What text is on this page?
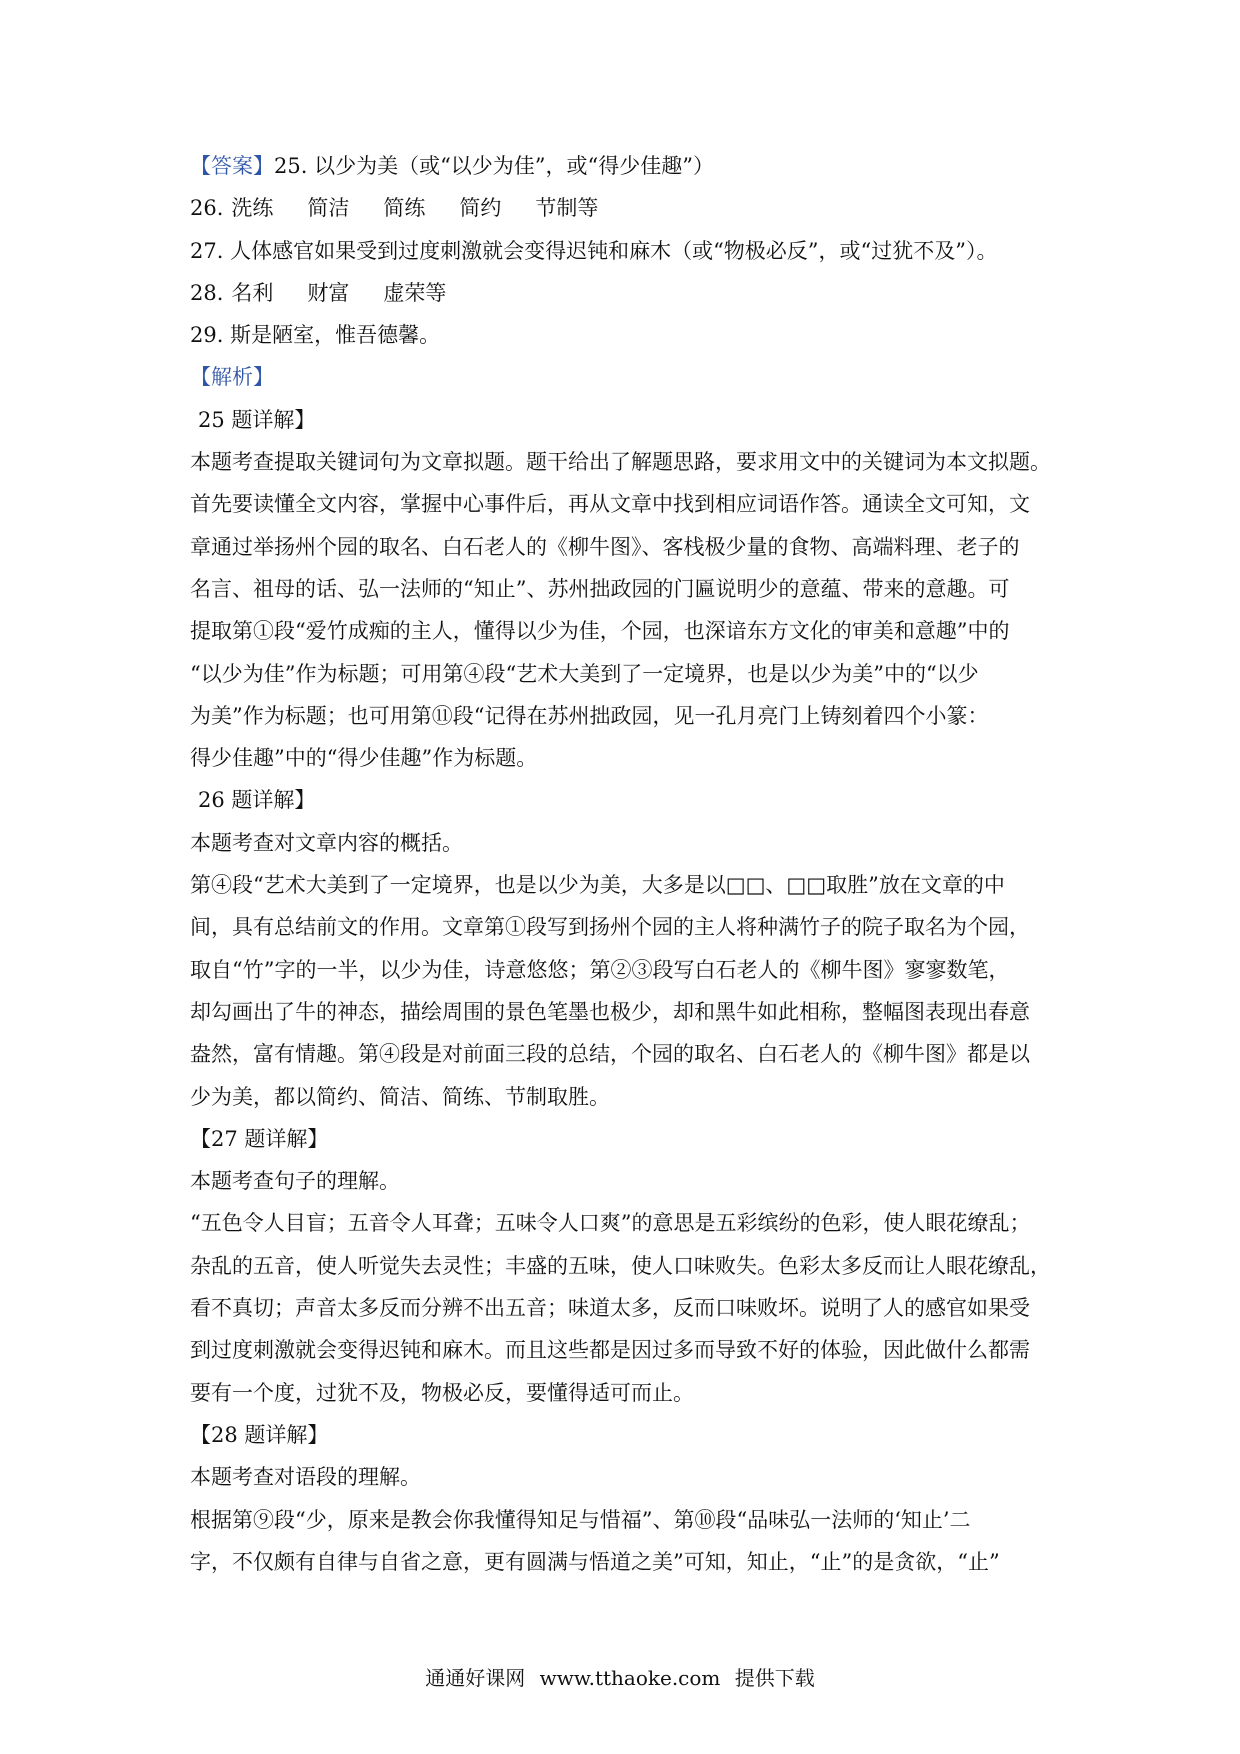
【答案】25. 以少为美（或“以少为佳”，或“得少佳趣”）
26. 洗练 简洁 简练 简约 节制等
27. 人体感官如果受到过度刺激就会变得迟钝和麻木（或“物极必反”，或“过犹不及”）。
28. 名利 财富 虚荣等
29. 斯是陋室，惟吾德馨。
【解析】
25 题详解】
本题考查提取关键词句为文章拟题。题干给出了解题思路，要求用文中的关键词为本文拟题。
首先要读懂全文内容，掌握中心事件后，再从文章中找到相应词语作答。通读全文可知，文
章通过举扬州个园的取名、白石老人的《柳牛图》、客栈极少量的食物、高端料理、老子的
名言、祖母的话、弘一法师的“知止”、苏州拙政园的门匾说明少的意蕴、带来的意趣。可
提取第①段“爱竹成痴的主人，懂得以少为佳，个园，也深谙东方文化的审美和意趣”中的
“以少为佳”作为标题；可用第④段“艺术大美到了一定境界，也是以少为美”中的“以少
为美”作为标题；也可用第⑪段“记得在苏州拙政园，见一孔月亮门上铸刻着四个小篆：
得少佳趣”中的“得少佳趣”作为标题。
26 题详解】
本题考查对文章内容的概括。
第④段“艺术大美到了一定境界，也是以少为美，大多是以□□、□□取胜”放在文章的中
间，具有总结前文的作用。文章第①段写到扬州个园的主人将种满竹子的院子取名为个园，
取自“竹”字的一半，以少为佳，诗意悠悠；第②③段写白石老人的《柳牛图》寥寥数笔，
却勾画出了牛的神态，描绘周围的景色笔墨也极少，却和黑牛如此相称，整幅图表现出春意
盎然，富有情趣。第④段是对前面三段的总结，个园的取名、白石老人的《柳牛图》都是以
少为美，都以简约、简洁、简练、节制取胜。
【27 题详解】
本题考查句子的理解。
“五色令人目盲；五音令人耳聋；五味令人口爽”的意思是五彩缤纷的色彩，使人眼花缭乱；
杂乱的五音，使人听觉失去灵性；丰盛的五味，使人口味败失。色彩太多反而让人眼花缭乱，
看不真切；声音太多反而分辨不出五音；味道太多，反而口味败坏。说明了人的感官如果受
到过度刺激就会变得迟钝和麻木。而且这些都是因过多而导致不好的体验，因此做什么都需
要有一个度，过犹不及，物极必反，要懂得适可而止。
【28 题详解】
本题考查对语段的理解。
根据第⑨段“少，原来是教会你我懂得知足与惜福”、第⑩段“品味弘一法师的‘知止’二
字，不仅颇有自律与自省之意，更有圆满与悟道之美”可知，知止，“止”的是贪欲，“止”
通通好课网 www.tthaoke.com 提供下载
